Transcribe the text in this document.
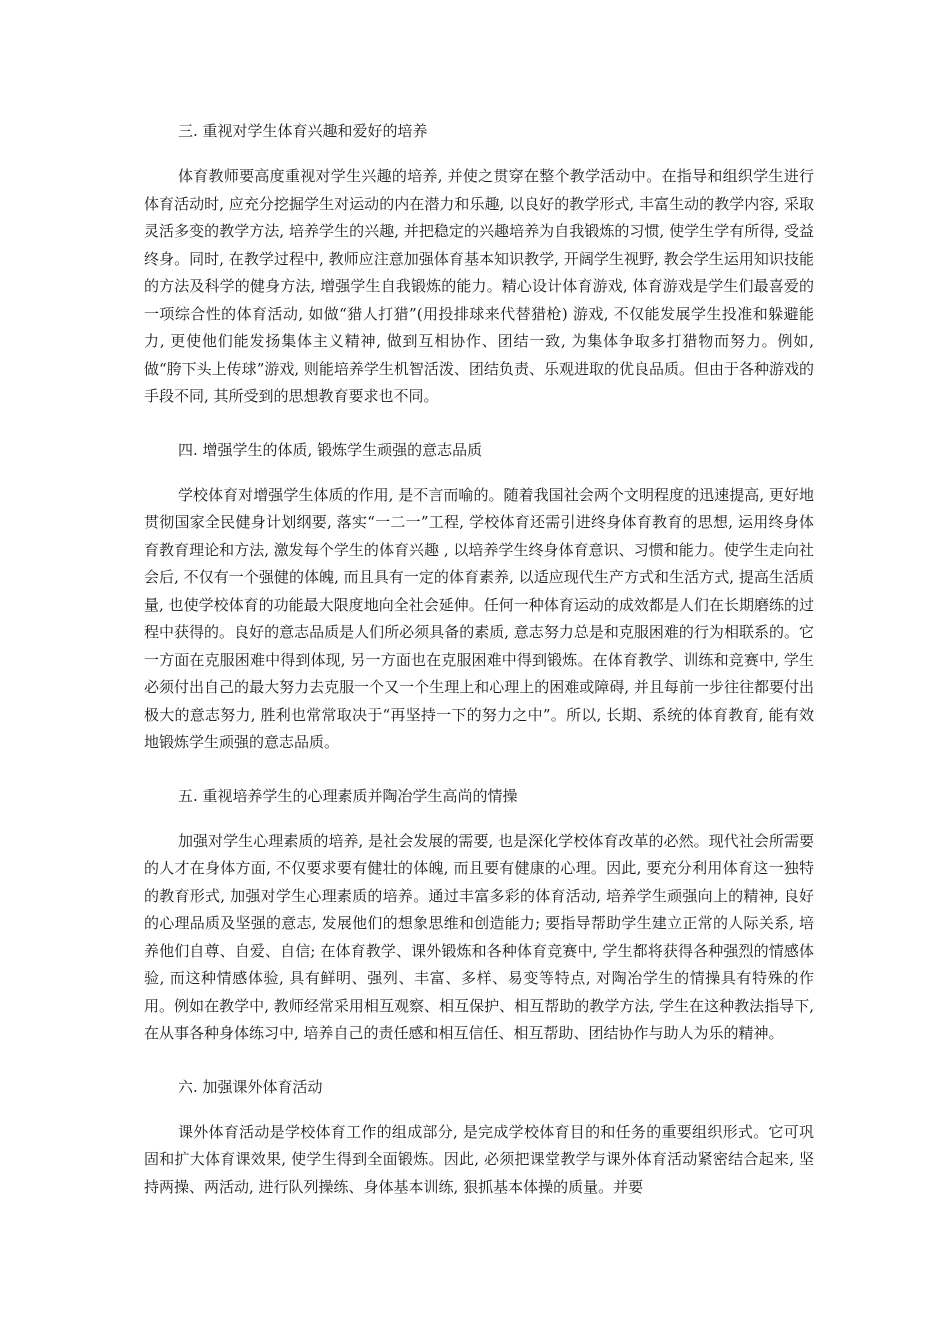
三. 重视对学生体育兴趣和爱好的培养

体育教师要高度重视对学生兴趣的培养, 并使之贯穿在整个教学活动中。在指导和组织学生进行体育活动时, 应充分挖掘学生对运动的内在潜力和乐趣, 以良好的教学形式, 丰富生动的教学内容, 采取灵活多变的教学方法, 培养学生的兴趣, 并把稳定的兴趣培养为自我锻炼的习惯, 使学生学有所得, 受益终身。同时, 在教学过程中, 教师应注意加强体育基本知识教学, 开阔学生视野, 教会学生运用知识技能的方法及科学的健身方法, 增强学生自我锻炼的能力。精心设计体育游戏, 体育游戏是学生们最喜爱的一项综合性的体育活动, 如做“猎人打猎”(用投排球来代替猎枪) 游戏, 不仅能发展学生投准和躲避能力, 更使他们能发扬集体主义精神, 做到互相协作、团结一致, 为集体争取多打猎物而努力。例如, 做“胯下头上传球”游戏, 则能培养学生机智活泼、团结负责、乐观进取的优良品质。但由于各种游戏的手段不同, 其所受到的思想教育要求也不同。

四. 增强学生的体质, 锻炼学生顽强的意志品质

学校体育对增强学生体质的作用, 是不言而喻的。随着我国社会两个文明程度的迅速提高, 更好地贯彻国家全民健身计划纲要, 落实“一二一”工程, 学校体育还需引进终身体育教育的思想, 运用终身体育教育理论和方法, 激发每个学生的体育兴趣 , 以培养学生终身体育意识、习惯和能力。使学生走向社会后, 不仅有一个强健的体魄, 而且具有一定的体育素养, 以适应现代生产方式和生活方式, 提高生活质量, 也使学校体育的功能最大限度地向全社会延伸。任何一种体育运动的成效都是人们在长期磨练的过程中获得的。良好的意志品质是人们所必须具备的素质, 意志努力总是和克服困难的行为相联系的。它一方面在克服困难中得到体现, 另一方面也在克服困难中得到锻炼。在体育教学、训练和竞赛中, 学生必须付出自己的最大努力去克服一个又一个生理上和心理上的困难或障碍, 并且每前一步往往都要付出极大的意志努力, 胜利也常常取决于“再坚持一下的努力之中”。所以, 长期、系统的体育教育, 能有效地锻炼学生顽强的意志品质。

五. 重视培养学生的心理素质并陶冶学生高尚的情操

加强对学生心理素质的培养, 是社会发展的需要, 也是深化学校体育改革的必然。现代社会所需要的人才在身体方面, 不仅要求要有健壮的体魄, 而且要有健康的心理。因此, 要充分利用体育这一独特的教育形式, 加强对学生心理素质的培养。通过丰富多彩的体育活动, 培养学生顽强向上的精神, 良好的心理品质及坚强的意志, 发展他们的想象思维和创造能力; 要指导帮助学生建立正常的人际关系, 培养他们自尊、自爱、自信; 在体育教学、课外锻炼和各种体育竞赛中, 学生都将获得各种强烈的情感体验, 而这种情感体验, 具有鲜明、强列、丰富、多样、易变等特点, 对陶冶学生的情操具有特殊的作用。例如在教学中, 教师经常采用相互观察、相互保护、相互帮助的教学方法, 学生在这种教法指导下, 在从事各种身体练习中, 培养自己的责任感和相互信任、相互帮助、团结协作与助人为乐的精神。

六. 加强课外体育活动

课外体育活动是学校体育工作的组成部分, 是完成学校体育目的和任务的重要组织形式。它可巩固和扩大体育课效果, 使学生得到全面锻炼。因此, 必须把课堂教学与课外体育活动紧密结合起来, 坚持两操、两活动, 进行队列操练、身体基本训练, 狠抓基本体操的质量。并要
